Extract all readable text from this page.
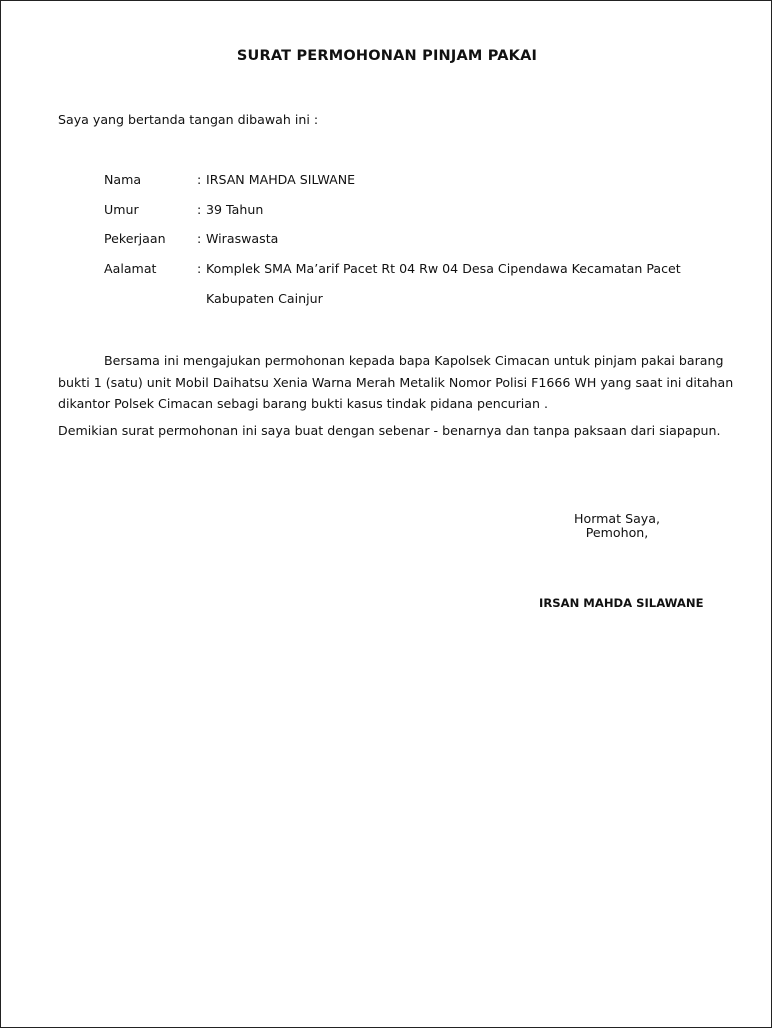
SURAT PERMOHONAN PINJAM PAKAI
Saya yang bertanda tangan dibawah ini :
Nama	: IRSAN MAHDA SILWANE
Umur	: 39 Tahun
Pekerjaan : Wiraswasta
Aalamat	: Komplek SMA Ma’arif Pacet Rt 04 Rw 04 Desa Cipendawa Kecamatan Pacet
Kabupaten Cainjur
Bersama ini mengajukan permohonan kepada bapa Kapolsek Cimacan untuk pinjam pakai barang
bukti 1 (satu) unit Mobil Daihatsu Xenia Warna Merah Metalik Nomor Polisi F1666 WH yang saat ini ditahan
dikantor Polsek Cimacan sebagi barang bukti kasus tindak pidana pencurian .
Demikian surat permohonan ini saya buat dengan sebenar - benarnya dan tanpa paksaan dari siapapun.
Hormat Saya,
Pemohon,
IRSAN MAHDA SILAWANE
